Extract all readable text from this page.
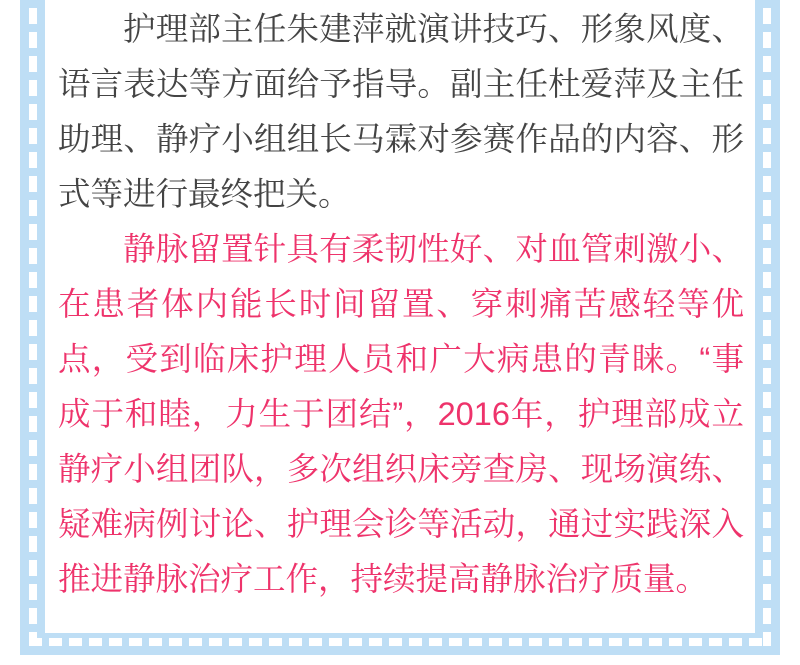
护理部主任朱建萍就演讲技巧、形象风度、语言表达等方面给予指导。副主任杜爱萍及主任助理、静疗小组组长马霖对参赛作品的内容、形式等进行最终把关。

静脉留置针具有柔韧性好、对血管刺激小、在患者体内能长时间留置、穿刺痛苦感轻等优点，受到临床护理人员和广大病患的青睐。“事成于和睦，力生于团结”，2016年，护理部成立静疗小组团队，多次组织床旁查房、现场演练、疑难病例讨论、护理会诊等活动，通过实践深入推进静脉治疗工作，持续提高静脉治疗质量。
